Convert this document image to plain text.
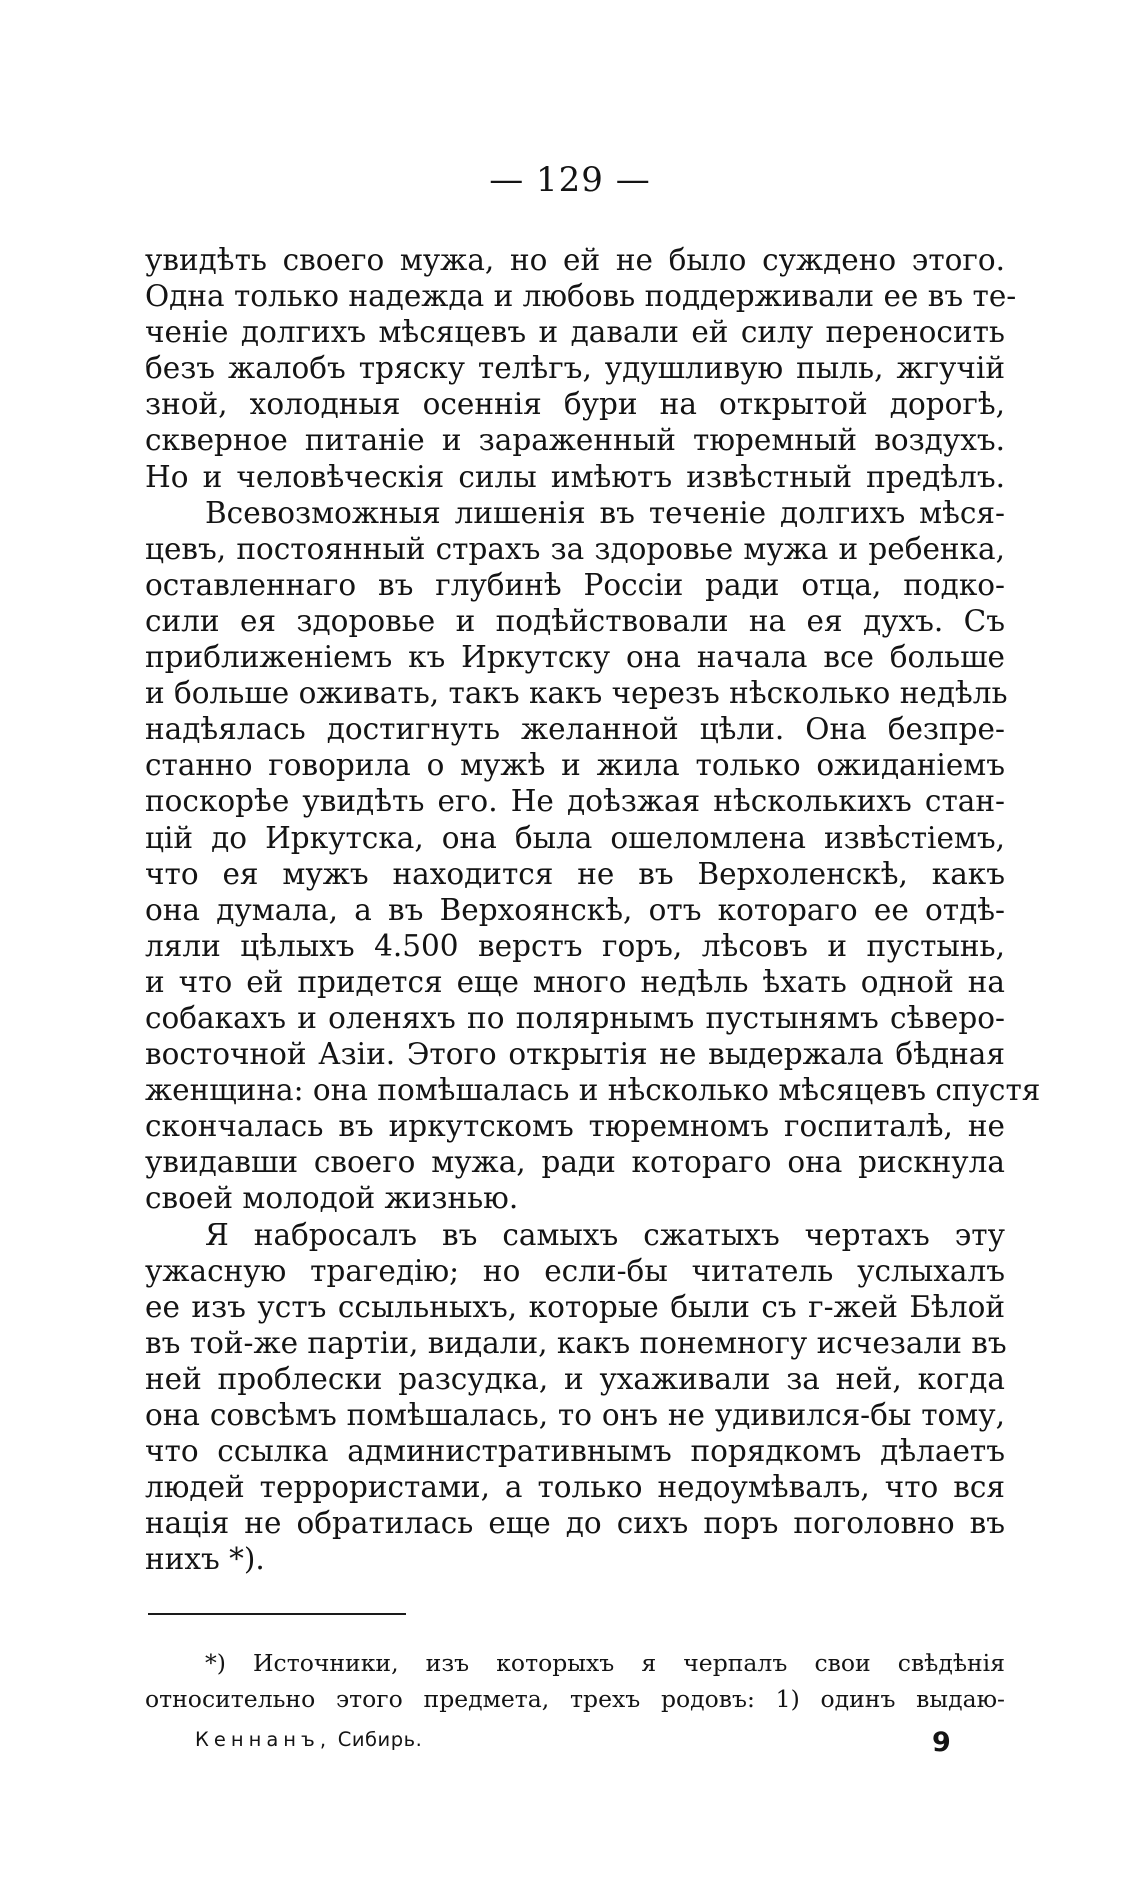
— 129 —
увидѣть своего мужа, но ей не было суждено этого.
Одна только надежда и любовь поддерживали ее въ те-
ченіе долгихъ мѣсяцевъ и давали ей силу переносить
безъ жалобъ тряску телѣгъ, удушливую пыль, жгучій
зной, холодныя осеннія бури на открытой дорогѣ,
скверное питаніе и зараженный тюремный воздухъ.
Но и человѣческія силы имѣютъ извѣстный предѣлъ.
Всевозможныя лишенія въ теченіе долгихъ мѣся-
цевъ, постоянный страхъ за здоровье мужа и ребенка,
оставленнаго въ глубинѣ Россіи ради отца, подко-
сили ея здоровье и подѣйствовали на ея духъ. Съ
приближеніемъ къ Иркутску она начала все больше
и больше оживать, такъ какъ черезъ нѣсколько недѣль
надѣялась достигнуть желанной цѣли. Она безпре-
станно говорила о мужѣ и жила только ожиданіемъ
поскорѣе увидѣть его. Не доѣзжая нѣсколькихъ стан-
цій до Иркутска, она была ошеломлена извѣстіемъ,
что ея мужъ находится не въ Верхоленскѣ, какъ
она думала, а въ Верхоянскѣ, отъ котораго ее отдѣ-
ляли цѣлыхъ 4.500 верстъ горъ, лѣсовъ и пустынь,
и что ей придется еще много недѣль ѣхать одной на
собакахъ и оленяхъ по полярнымъ пустынямъ сѣверо-
восточной Азіи. Этого открытія не выдержала бѣдная
женщина: она помѣшалась и нѣсколько мѣсяцевъ спустя
скончалась въ иркутскомъ тюремномъ госпиталѣ, не
увидавши своего мужа, ради котораго она рискнула
своей молодой жизнью.
Я набросалъ въ самыхъ сжатыхъ чертахъ эту
ужасную трагедію; но если-бы читатель услыхалъ
ее изъ устъ ссыльныхъ, которые были съ г-жей Бѣлой
въ той-же партіи, видали, какъ понемногу исчезали въ
ней проблески разсудка, и ухаживали за ней, когда
она совсѣмъ помѣшалась, то онъ не удивился-бы тому,
что ссылка административнымъ порядкомъ дѣлаетъ
людей террористами, а только недоумѣвалъ, что вся
нація не обратилась еще до сихъ поръ поголовно въ
нихъ *).
*) Источники, изъ которыхъ я черпалъ свои свѣдѣнія
относительно этого предмета, трехъ родовъ: 1) одинъ выдаю-
Кеннанъ, Сибирь.	9
